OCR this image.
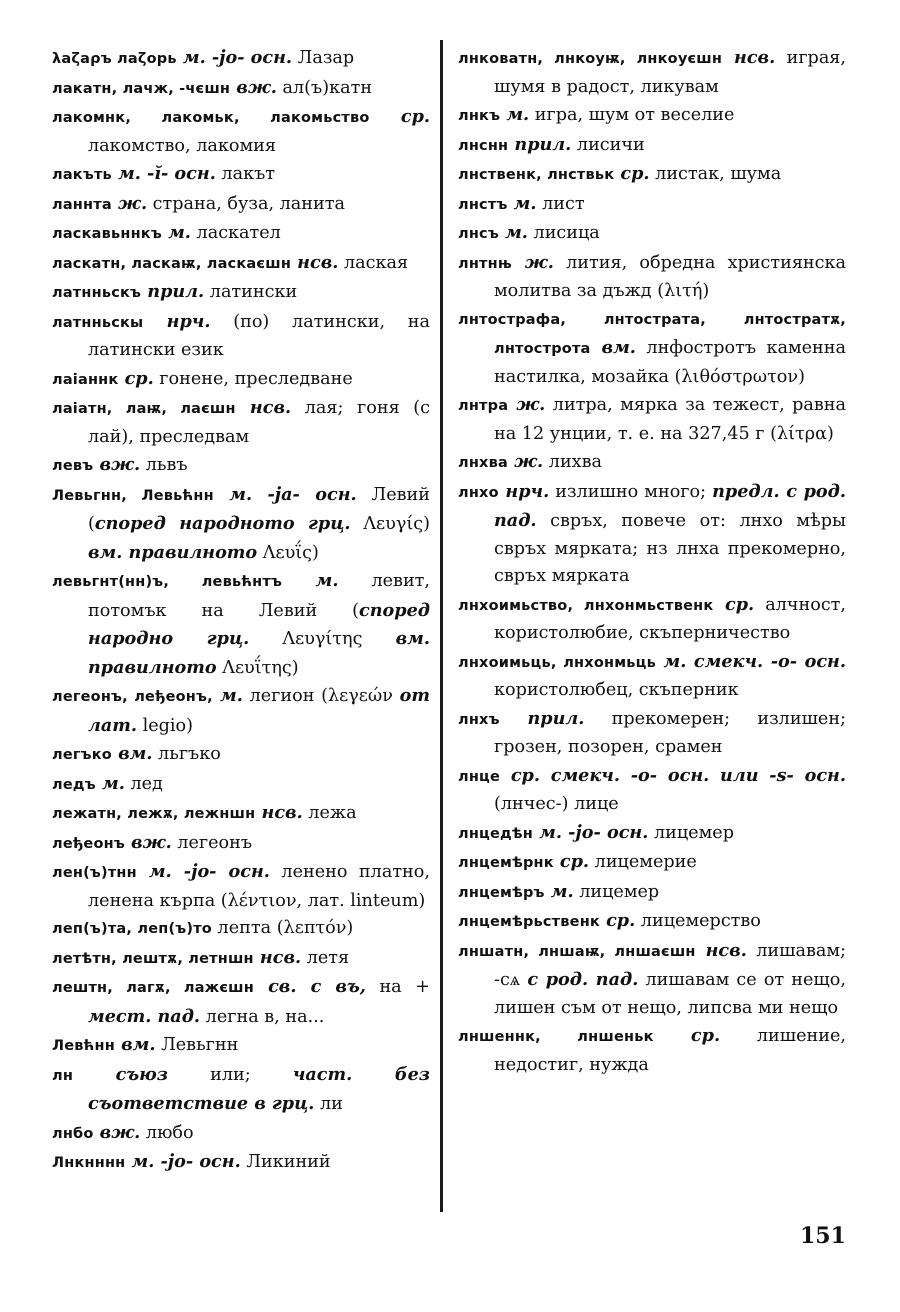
λаζаρъ лаζорь м. -јо- осн. Лазар

лакатн, лачж, -чєшн вж. ал(ъ)катн

лакомнк, лакомьк, лакомьство ср. лакомство, лакомия

лакъть м. -ĭ- осн. лакът

ланнта ж. страна, буза, ланита

ласкавьннкъ м. ласкател

ласкатн, ласкаѭ, ласкаєшн нсв. лаская

латнньскъ прил. латински

латнньскы нрч. (по) латински, на латински език

лаіаннк ср. гонене, преследване

лаіатн, лаѭ, лаєшн нсв. лая; гоня (с лай), преследвам

левъ вж. львъ

Левьгнн, Левьћнн м. -јa- осн. Левий (според народното грц. Λευγίς) вм. правилното Λευΐς)

левьгнт(нн)ъ, левьћнтъ м. левит, потомък на Левий (според народно грц. Λευγίτης вм. правилното Λευΐτης)

легеонъ, леђеонъ, м. легион (λεγεών от лат. legio)

легъко вм. льгъко

ледъ м. лед

лежатн, лежѫ, лежншн нсв. лежа

леђеонъ вж. легеонъ

лен(ъ)тнн м. -јо- осн. ленено платно, ленена кърпа (λέντιον, лат. linteum)

леп(ъ)та, леп(ъ)то лепта (λεπτόν)

летѣтн, лештѫ, летншн нсв. летя

лештн, лагѫ, лажєшн св. с въ, на + мест. пад. легна в, на...

Левћнн вм. Левьгнн

лн съюз или; част. без съответствие в грц. ли

лнбо вж. любо

Лнкнннн м. -јо- осн. Ликиний

лнковатн, лнкоуѭ, лнкоуєшн нсв. играя, шумя в радост, ликувам

лнкъ м. игра, шум от веселие

лнснн прил. лисичи

лнственк, лнствьк ср. листак, шума

лнстъ м. лист

лнсъ м. лисица

лнтнњ ж. лития, обредна християнска молитва за дъжд (λιτή)

лнтострафа, лнтострата, лнтостратѫ, лнтострота вм. лнфостротъ каменна настилка, мозайка (λιθόστρωτον)

лнтра ж. литра, мярка за тежест, равна на 12 унции, т. е. на 327,45 г (λίτρα)

лнхва ж. лихва

лнхо нрч. излишно много; предл. с род. пад. свръх, повече от: лнхо мѣры свръх мярката; нз лнха прекомерно, свръх мярката

лнхоимьство, лнхонмьственк ср. алчност, користолюбие, скъперничество

лнхоимьць, лнхонмьць м. смекч. -о- осн. користолюбец, скъперник

лнхъ прил. прекомерен; излишен; грозен, позорен, срамен

лнце ср. смекч. -о- осн. или -s- осн. (лнчес-) лице

лнцедѣн м. -јо- осн. лицемер

лнцемѣрнк ср. лицемерие

лнцемѣръ м. лицемер

лнцемѣрьственк ср. лицемерство

лншатн, лншаѭ, лншаєшн нсв. лишавам; -сѧ с род. пад. лишавам се от нещо, лишен съм от нещо, липсва ми нещо

лншеннк, лншеньк ср. лишение, недостиг, нужда

151
